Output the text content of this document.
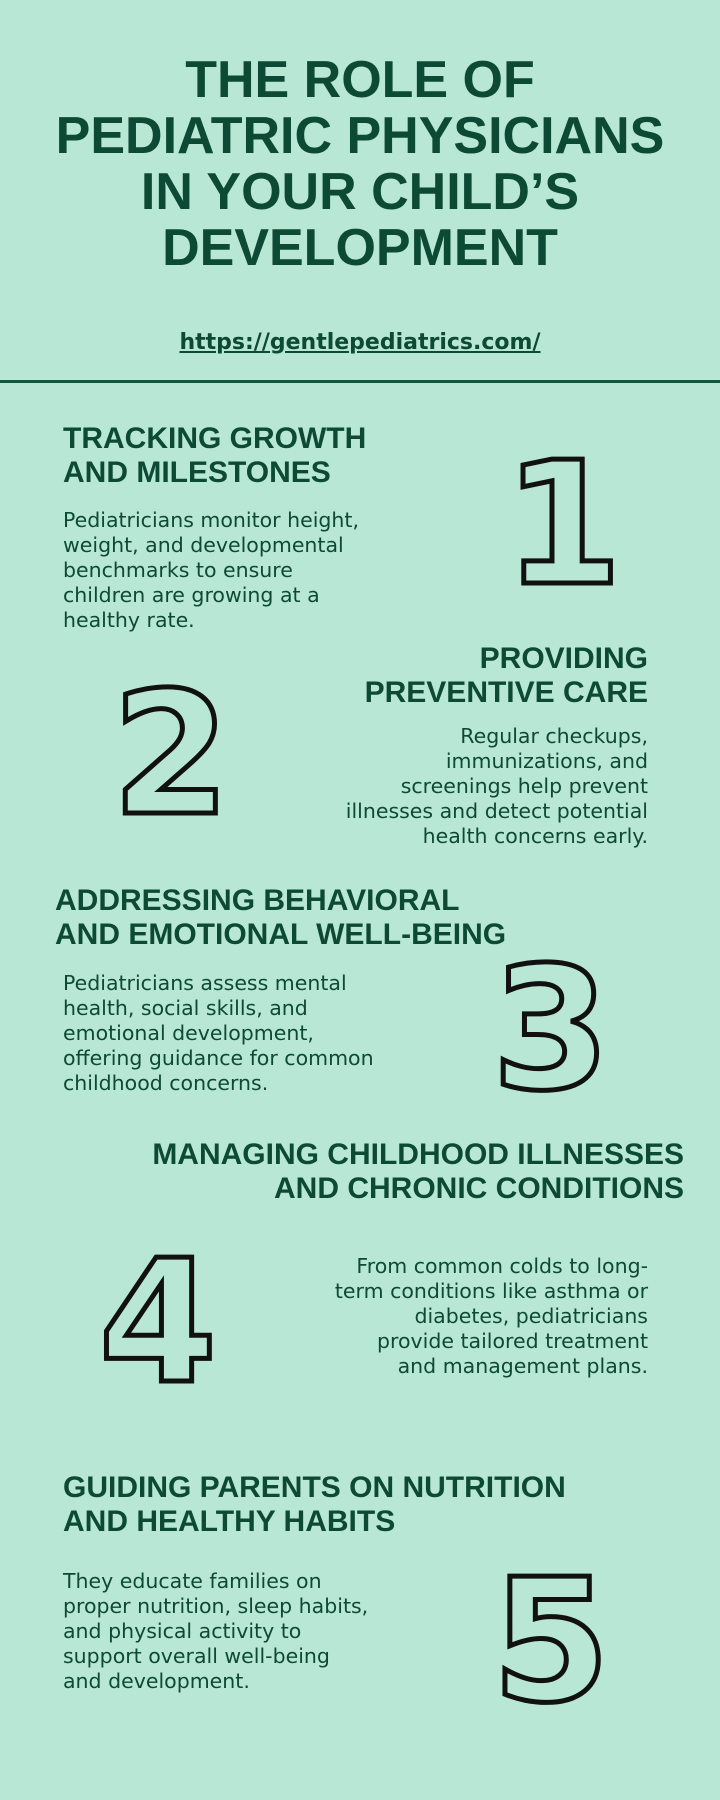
THE ROLE OF
PEDIATRIC PHYSICIANS
IN YOUR CHILD’S
DEVELOPMENT
https://gentlepediatrics.com/
TRACKING GROWTH
AND MILESTONES

Pediatricians monitor height,
weight, and developmental
benchmarks to ensure
children are growing at a
healthy rate.	1
PROVIDING
PREVENTIVE CARE

Regular checkups,
immunizations, and
screenings help prevent
illnesses and detect potential
health concerns early.

2
ADDRESSING BEHAVIORAL
AND EMOTIONAL WELL-BEING

Pediatricians assess mental
health, social skills, and
emotional development,
offering guidance for common
childhood concerns.	3
MANAGING CHILDHOOD ILLNESSES
AND CHRONIC CONDITIONS

From common colds to long-
term conditions like asthma or
diabetes, pediatricians
provide tailored treatment
and management plans.

4
GUIDING PARENTS ON NUTRITION
AND HEALTHY HABITS

They educate families on
proper nutrition, sleep habits,
and physical activity to
support overall well-being
and development.	5
